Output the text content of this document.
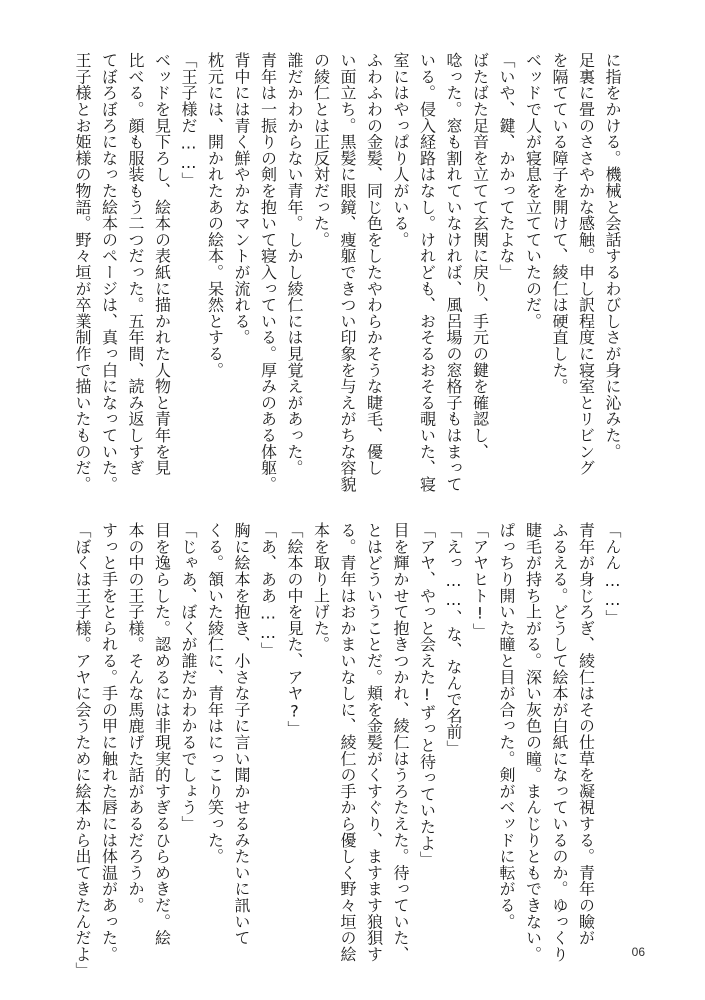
に指をかける。機械と会話するわびしさが身に沁みた。
足裏に畳のささやかな感触。申し訳程度に寝室とリビング
を隔てている障子を開けて、綾仁は硬直した。
ベッドで人が寝息を立てていたのだ。
「いや、鍵、かかってたよな」
ばたばた足音を立てて玄関に戻り、手元の鍵を確認し、
唸った。窓も割れていなければ、風呂場の窓格子もはまって
いる。侵入経路はなし。けれども、おそるおそる覗いた、寝
室にはやっぱり人がいる。
ふわふわの金髪、同じ色をしたやわらかそうな睫毛、優し
い面立ち。黒髪に眼鏡、痩躯できつい印象を与えがちな容貌
の綾仁とは正反対だった。
誰だかわからない青年。しかし綾仁には見覚えがあった。
青年は一振りの剣を抱いて寝入っている。厚みのある体躯。
背中には青く鮮やかなマントが流れる。
枕元には、開かれたあの絵本。呆然とする。
「王子様だ……」
ベッドを見下ろし、絵本の表紙に描かれた人物と青年を見
比べる。顔も服装もう二つだった。五年間、読み返しすぎ
てぼろぼろになった絵本のページは、真っ白になっていた。
王子様とお姫様の物語。野々垣が卒業制作で描いたものだ。
「んん……」
青年が身じろぎ、綾仁はその仕草を凝視する。青年の瞼が
ふるえる。どうして絵本が白紙になっているのか。ゆっくり
睫毛が持ち上がる。深い灰色の瞳。まんじりともできない。
ぱっちり開いた瞳と目が合った。剣がベッドに転がる。
「アヤヒト!」
「えっ……、な、なんで名前」
「アヤ、やっと会えた!ずっと待っていたよ」
目を輝かせて抱きつかれ、綾仁はうろたえた。待っていた、
とはどういうことだ。頬を金髪がくすぐり、ますます狼狽す
る。青年はおかまいなしに、綾仁の手から優しく野々垣の絵
本を取り上げた。
「絵本の中を見た、アヤ?」
「あ、ああ……」
胸に絵本を抱き、小さな子に言い聞かせるみたいに訊いて
くる。頷いた綾仁に、青年はにっこり笑った。
「じゃあ、ぼくが誰だかわかるでしょう」
目を逸らした。認めるには非現実的すぎるひらめきだ。絵
本の中の王子様。そんな馬鹿げた話があるだろうか。
すっと手をとられる。手の甲に触れた唇には体温があった。
「ぼくは王子様。アヤに会うために絵本から出てきたんだよ」	06
